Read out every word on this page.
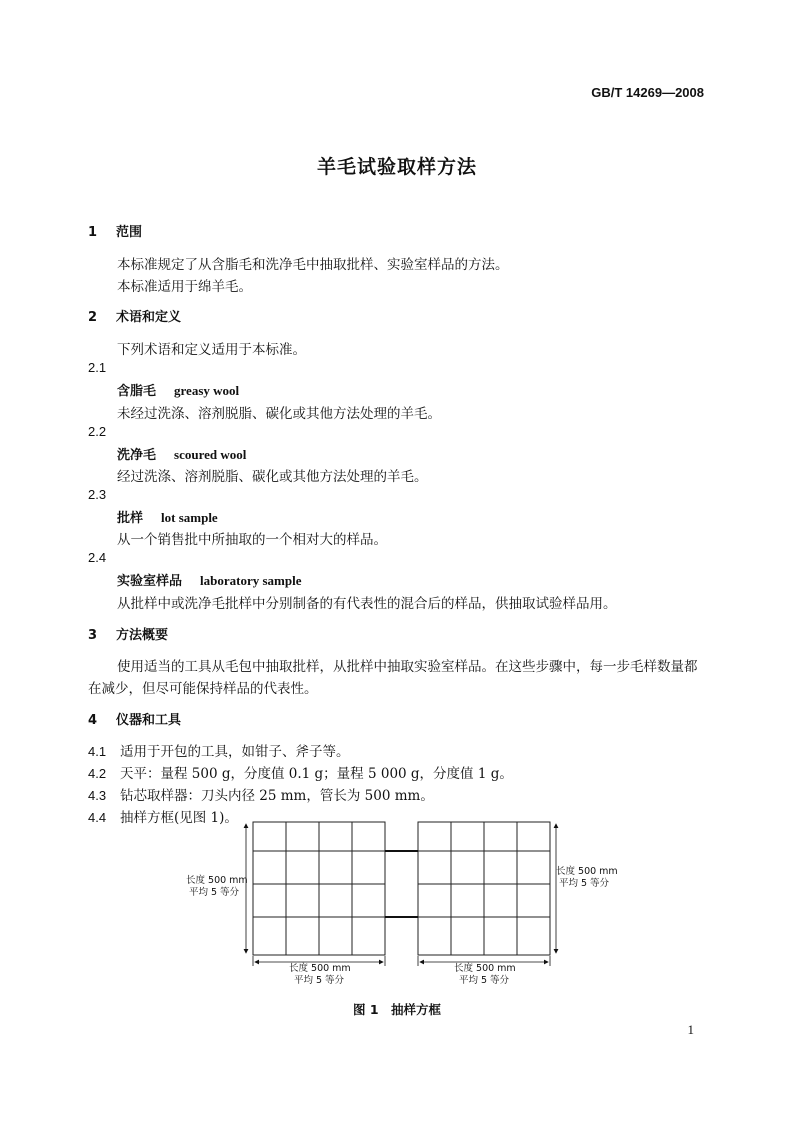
GB/T 14269—2008
羊毛试验取样方法
1 范围
本标准规定了从含脂毛和洗净毛中抽取批样、实验室样品的方法。
本标准适用于绵羊毛。
2 术语和定义
下列术语和定义适用于本标准。
2.1
含脂毛 greasy wool
未经过洗涤、溶剂脱脂、碳化或其他方法处理的羊毛。
2.2
洗净毛 scoured wool
经过洗涤、溶剂脱脂、碳化或其他方法处理的羊毛。
2.3
批样 lot sample
从一个销售批中所抽取的一个相对大的样品。
2.4
实验室样品 laboratory sample
从批样中或洗净毛批样中分别制备的有代表性的混合后的样品，供抽取试验样品用。
3 方法概要
使用适当的工具从毛包中抽取批样，从批样中抽取实验室样品。在这些步骤中，每一步毛样数量都
在减少，但尽可能保持样品的代表性。
4 仪器和工具
4.1 适用于开包的工具，如钳子、斧子等。
4.2 天平：量程 500 g，分度值 0.1 g；量程 5 000 g，分度值 1 g。
4.3 钻芯取样器：刀头内径 25 mm，管长为 500 mm。
4.4 抽样方框(见图 1)。
长度 500 mm
平均 5 等分
长度 500 mm
平均 5 等分
长度 500 mm
平均 5 等分
长度 500 mm
平均 5 等分
图 1　抽样方框
1
